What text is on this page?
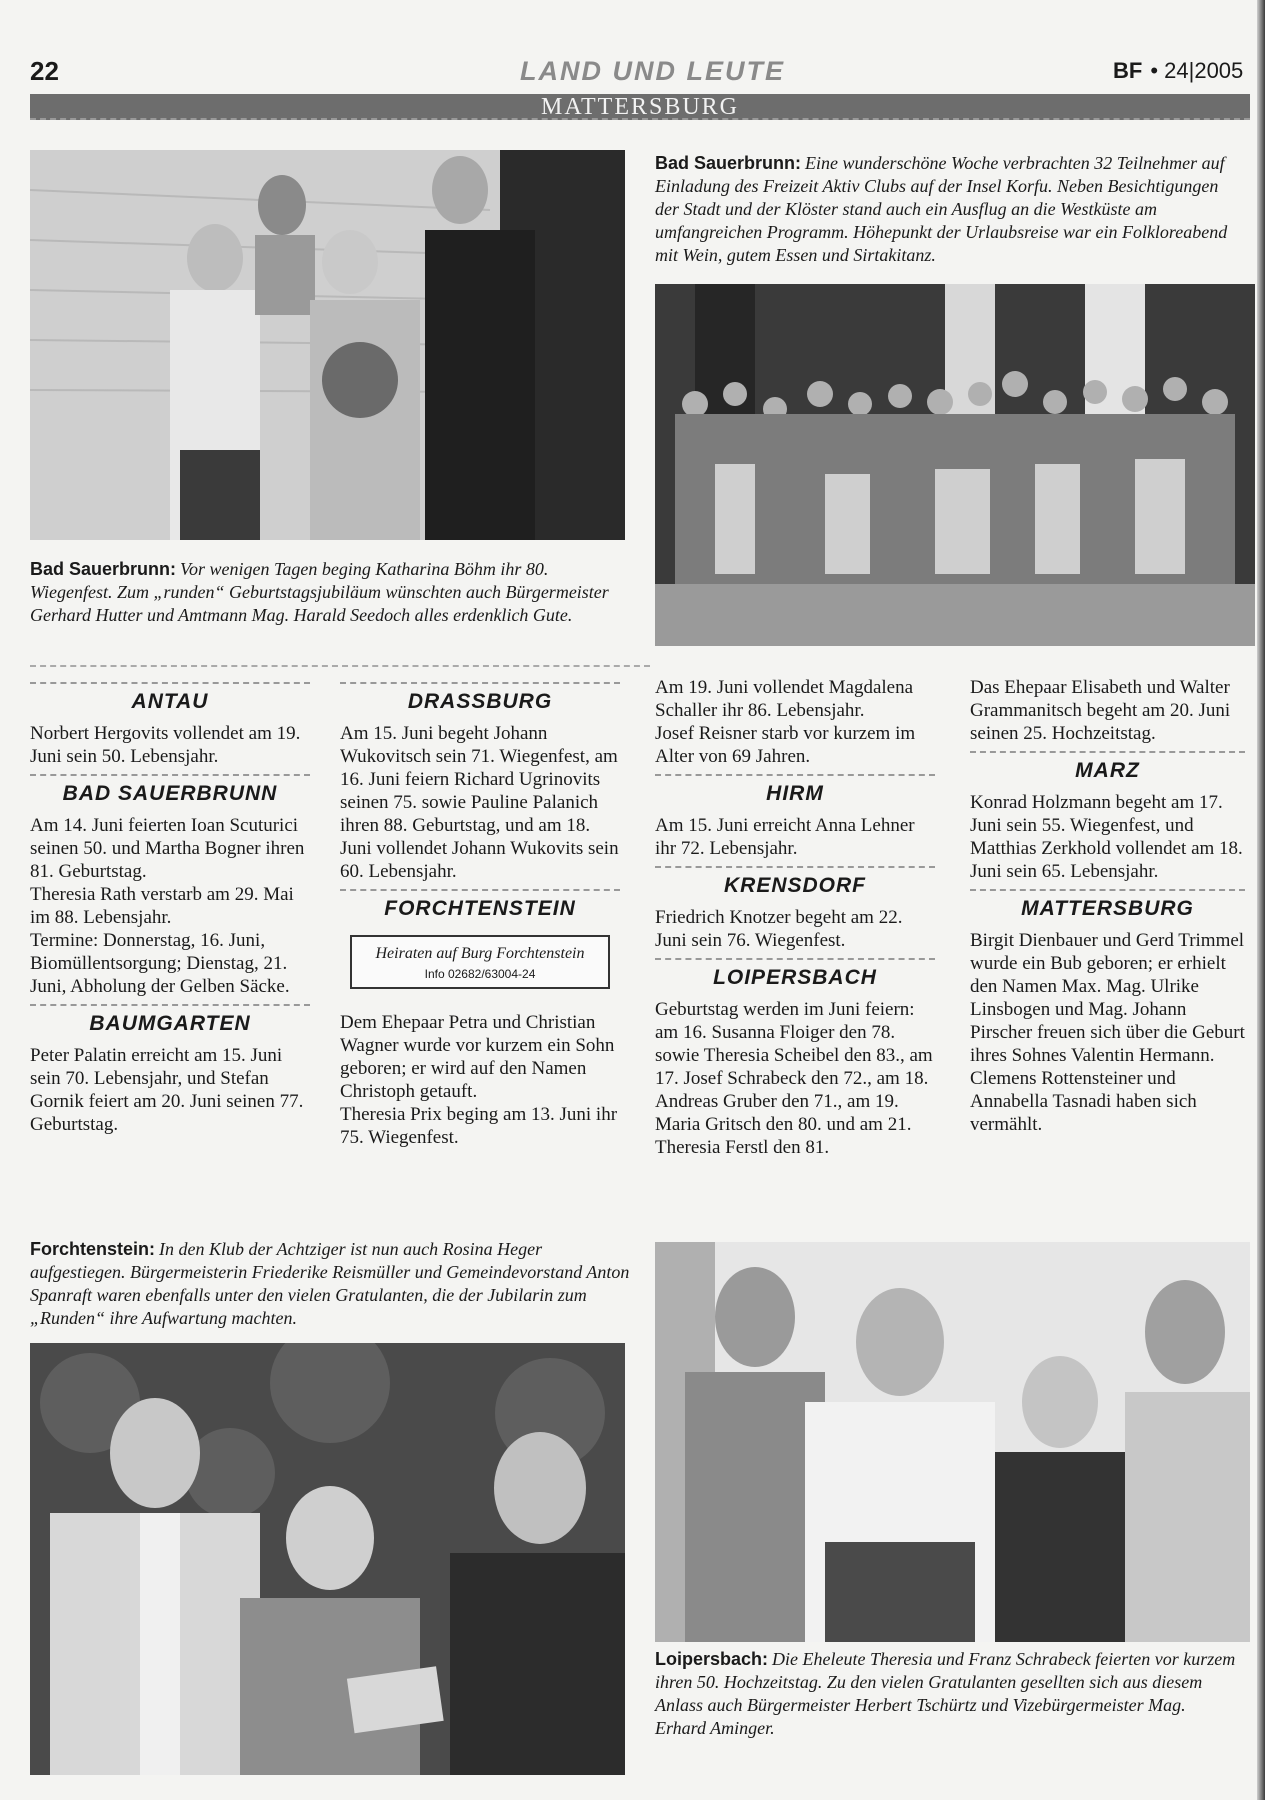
22	LAND UND LEUTE	BF • 24|2005
MATTERSBURG
Bad Sauerbrunn: Eine wunderschöne Woche verbrachten 32 Teilnehmer auf Einladung des Freizeit Aktiv Clubs auf der Insel Korfu. Neben Besichtigungen der Stadt und der Klöster stand auch ein Ausflug an die Westküste am umfangreichen Programm. Höhepunkt der Urlaubsreise war ein Folkloreabend mit Wein, gutem Essen und Sirtakitanz.
Bad Sauerbrunn: Vor wenigen Tagen beging Katharina Böhm ihr 80. Wiegenfest. Zum „runden“ Geburtstagsjubiläum wünschten auch Bürgermeister Gerhard Hutter und Amtmann Mag. Harald Seedoch alles erdenklich Gute.
ANTAU

Norbert Hergovits vollendet am 19. Juni sein 50. Lebensjahr.

BAD SAUERBRUNN

Am 14. Juni feierten Ioan Scuturici seinen 50. und Martha Bogner ihren 81. Geburtstag.

Theresia Rath verstarb am 29. Mai im 88. Lebensjahr.

Termine: Donnerstag, 16. Juni, Biomüllentsorgung; Dienstag, 21. Juni, Abholung der Gelben Säcke.

BAUMGARTEN

Peter Palatin erreicht am 15. Juni sein 70. Lebensjahr, und Stefan Gornik feiert am 20. Juni seinen 77. Geburtstag.

DRASSBURG

Am 15. Juni begeht Johann Wukovitsch sein 71. Wiegenfest, am 16. Juni feiern Richard Ugrinovits seinen 75. sowie Pauline Palanich ihren 88. Geburtstag, und am 18. Juni vollendet Johann Wukovits sein 60. Lebensjahr.

FORCHTENSTEIN
Heiraten auf Burg Forchtenstein
Info 02682/63004-24

Dem Ehepaar Petra und Christian Wagner wurde vor kurzem ein Sohn geboren; er wird auf den Namen Christoph getauft.

Theresia Prix beging am 13. Juni ihr 75. Wiegenfest.

Am 19. Juni vollendet Magdalena Schaller ihr 86. Lebensjahr.

Josef Reisner starb vor kurzem im Alter von 69 Jahren.

HIRM

Am 15. Juni erreicht Anna Lehner ihr 72. Lebensjahr.

KRENSDORF

Friedrich Knotzer begeht am 22. Juni sein 76. Wiegenfest.

LOIPERSBACH

Geburtstag werden im Juni feiern: am 16. Susanna Floiger den 78. sowie Theresia Scheibel den 83., am 17. Josef Schrabeck den 72., am 18. Andreas Gruber den 71., am 19. Maria Gritsch den 80. und am 21. Theresia Ferstl den 81.

Das Ehepaar Elisabeth und Walter Grammanitsch begeht am 20. Juni seinen 25. Hochzeitstag.

MARZ

Konrad Holzmann begeht am 17. Juni sein 55. Wiegenfest, und Matthias Zerkhold vollendet am 18. Juni sein 65. Lebensjahr.

MATTERSBURG

Birgit Dienbauer und Gerd Trimmel wurde ein Bub geboren; er erhielt den Namen Max. Mag. Ulrike Linsbogen und Mag. Johann Pirscher freuen sich über die Geburt ihres Sohnes Valentin Hermann. Clemens Rottensteiner und Annabella Tasnadi haben sich vermählt.

Forchtenstein: In den Klub der Achtziger ist nun auch Rosina Heger aufgestiegen. Bürgermeisterin Friederike Reismüller und Gemeindevorstand Anton Spanraft waren ebenfalls unter den vielen Gratulanten, die der Jubilarin zum „Runden“ ihre Aufwartung machten.
Loipersbach: Die Eheleute Theresia und Franz Schrabeck feierten vor kurzem ihren 50. Hochzeitstag. Zu den vielen Gratulanten gesellten sich aus diesem Anlass auch Bürgermeister Herbert Tschürtz und Vizebürgermeister Mag. Erhard Aminger.
